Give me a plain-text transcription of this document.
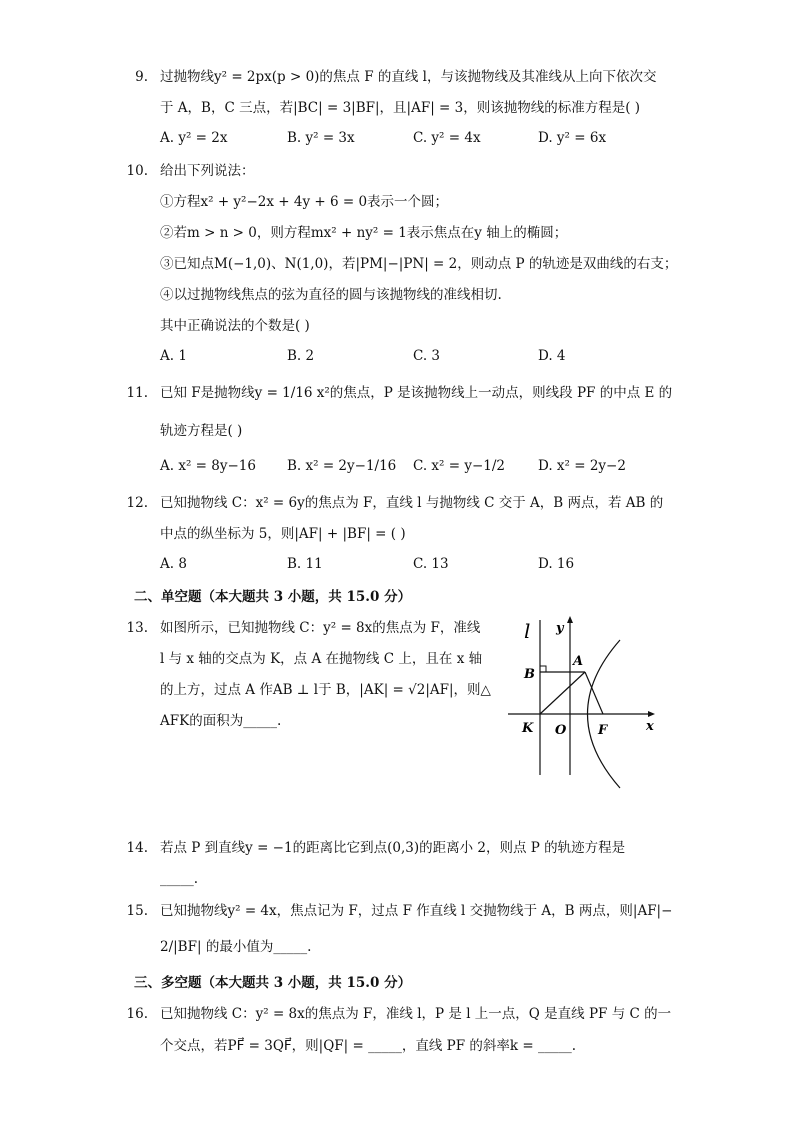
9. 过抛物线y² = 2px(p > 0)的焦点 F 的直线 l，与该抛物线及其准线从上向下依次交
于 A，B，C 三点，若|BC| = 3|BF|，且|AF| = 3，则该抛物线的标准方程是( )
A. y² = 2x	B. y² = 3x	C. y² = 4x	D. y² = 6x
10. 给出下列说法：
①方程x² + y²−2x + 4y + 6 = 0表示一个圆；
②若m > n > 0，则方程mx² + ny² = 1表示焦点在y 轴上的椭圆；
③已知点M(−1,0)、N(1,0)，若|PM|−|PN| = 2，则动点 P 的轨迹是双曲线的右支；
④以过抛物线焦点的弦为直径的圆与该抛物线的准线相切.
其中正确说法的个数是( )
A. 1	B. 2	C. 3	D. 4
11. 已知 F是抛物线y = 1/16 x²的焦点，P 是该抛物线上一动点，则线段 PF 的中点 E 的
轨迹方程是( )
A. x² = 8y−16 B. x² = 2y−1/16 C. x² = y−1/2 D. x² = 2y−2
12. 已知抛物线 C：x² = 6y的焦点为 F，直线 l 与抛物线 C 交于 A，B 两点，若 AB 的
中点的纵坐标为 5，则|AF| + |BF| = ( )
A. 8	B. 11	C. 13	D. 16
二、单空题（本大题共 3 小题，共 15.0 分）
13. 如图所示，已知抛物线 C：y² = 8x的焦点为 F，准线
l 与 x 轴的交点为 K，点 A 在抛物线 C 上，且在 x 轴
的上方，过点 A 作AB ⊥ l于 B，|AK| = √2|AF|，则△
AFK的面积为_____.
l y
B
A
K O F	x
14. 若点 P 到直线y = −1的距离比它到点(0,3)的距离小 2，则点 P 的轨迹方程是
_____.
15. 已知抛物线y² = 4x，焦点记为 F，过点 F 作直线 l 交抛物线于 A，B 两点，则|AF|−
2/|BF| 的最小值为_____.
三、多空题（本大题共 3 小题，共 15.0 分）
16. 已知抛物线 C：y² = 8x的焦点为 F，准线 l，P 是 l 上一点，Q 是直线 PF 与 C 的一
个交点，若PF⃗ = 3QF⃗，则|QF| = _____，直线 PF 的斜率k = _____.
